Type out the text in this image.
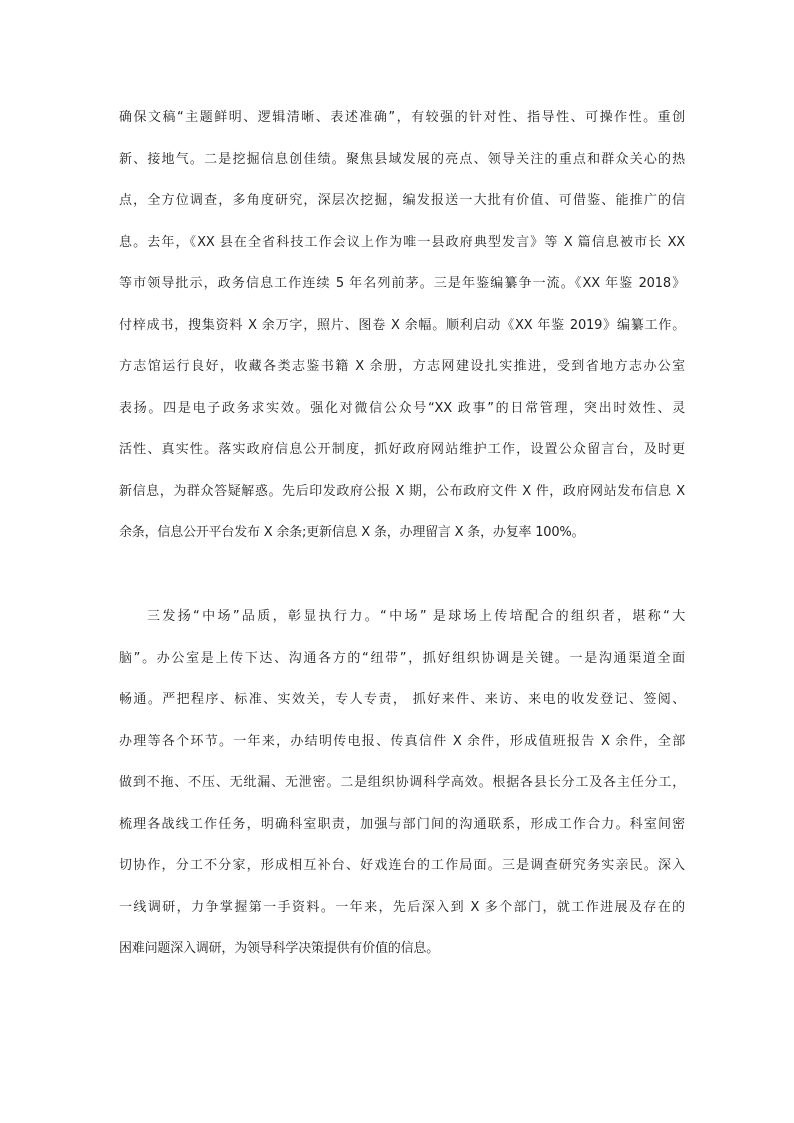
确保文稿“主题鲜明、逻辑清晰、表述准确”，有较强的针对性、指导性、可操作性。重创
新、接地气。二是挖掘信息创佳绩。聚焦县域发展的亮点、领导关注的重点和群众关心的热
点，全方位调查，多角度研究，深层次挖掘，编发报送一大批有价值、可借鉴、能推广的信
息。去年，《XX 县在全省科技工作会议上作为唯一县政府典型发言》等 X 篇信息被市长 XX
等市领导批示，政务信息工作连续 5 年名列前茅。三是年鉴编纂争一流。《XX 年鉴 2018》
付梓成书，搜集资料 X 余万字，照片、图卷 X 余幅。顺利启动《XX 年鉴 2019》编纂工作。
方志馆运行良好，收藏各类志鉴书籍 X 余册，方志网建设扎实推进，受到省地方志办公室
表扬。四是电子政务求实效。强化对微信公众号“XX 政事”的日常管理，突出时效性、灵
活性、真实性。落实政府信息公开制度，抓好政府网站维护工作，设置公众留言台，及时更
新信息，为群众答疑解惑。先后印发政府公报 X 期，公布政府文件 X 件，政府网站发布信息 X
余条，信息公开平台发布 X 余条;更新信息 X 条，办理留言 X 条，办复率 100%。
三发扬“中场”品质，彰显执行力。“中场” 是球场上传培配合的组织者，堪称“大
脑”。办公室是上传下达、沟通各方的“纽带”，抓好组织协调是关键。一是沟通渠道全面
畅通。严把程序、标准、实效关，专人专责， 抓好来件、来访、来电的收发登记、签阅、
办理等各个环节。一年来，办结明传电报、传真信件 X 余件，形成值班报告 X 余件，全部
做到不拖、不压、无纰漏、无泄密。二是组织协调科学高效。根据各县长分工及各主任分工，
梳理各战线工作任务，明确科室职责，加强与部门间的沟通联系，形成工作合力。科室间密
切协作，分工不分家，形成相互补台、好戏连台的工作局面。三是调查研究务实亲民。深入
一线调研，力争掌握第一手资料。一年来，先后深入到 X 多个部门，就工作进展及存在的
困难问题深入调研，为领导科学决策提供有价值的信息。
